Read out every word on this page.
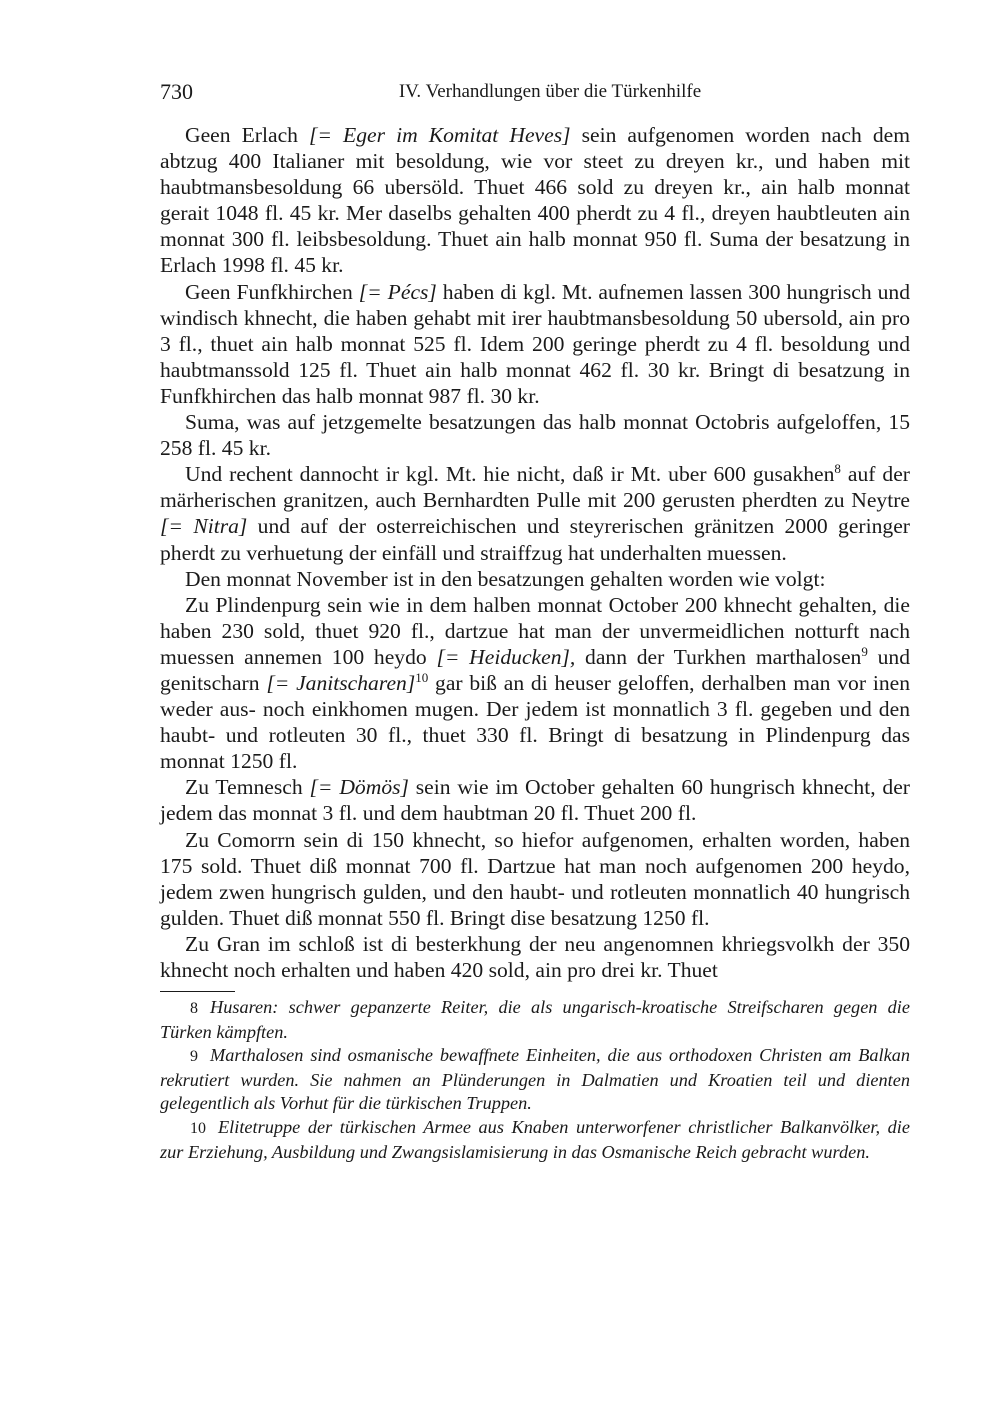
730	IV. Verhandlungen über die Türkenhilfe

Geen Erlach [= Eger im Komitat Heves] sein aufgenomen worden nach dem abtzug 400 Italianer mit besoldung, wie vor steet zu dreyen kr., und haben mit haubtmansbesoldung 66 ubersöld. Thuet 466 sold zu dreyen kr., ain halb monnat gerait 1048 fl. 45 kr. Mer daselbs gehalten 400 pherdt zu 4 fl., dreyen haubtleuten ain monnat 300 fl. leibsbesoldung. Thuet ain halb monnat 950 fl. Suma der besatzung in Erlach 1998 fl. 45 kr.

Geen Funfkhirchen [= Pécs] haben di kgl. Mt. aufnemen lassen 300 hungrisch und windisch khnecht, die haben gehabt mit irer haubtmansbesoldung 50 ubersold, ain pro 3 fl., thuet ain halb monnat 525 fl. Idem 200 geringe pherdt zu 4 fl. besoldung und haubtmanssold 125 fl. Thuet ain halb monnat 462 fl. 30 kr. Bringt di besatzung in Funfkhirchen das halb monnat 987 fl. 30 kr.

Suma, was auf jetzgemelte besatzungen das halb monnat Octobris aufgeloffen, 15 258 fl. 45 kr.

Und rechent dannocht ir kgl. Mt. hie nicht, daß ir Mt. uber 600 gusakhen$^8$ auf der märherischen granitzen, auch Bernhardten Pulle mit 200 gerusten pherdten zu Neytre [= Nitra] und auf der osterreichischen und steyrerischen gränitzen 2000 geringer pherdt zu verhuetung der einfäll und straiffzug hat underhalten muessen.

Den monnat November ist in den besatzungen gehalten worden wie volgt:

Zu Plindenpurg sein wie in dem halben monnat October 200 khnecht gehalten, die haben 230 sold, thuet 920 fl., dartzue hat man der unvermeidlichen notturft nach muessen annemen 100 heydo [= Heiducken], dann der Turkhen marthalosen$^9$ und genitscharn [= Janitscharen]$^{10}$ gar biß an di heuser geloffen, derhalben man vor inen weder aus- noch einkhomen mugen. Der jedem ist monnatlich 3 fl. gegeben und den haubt- und rotleuten 30 fl., thuet 330 fl. Bringt di besatzung in Plindenpurg das monnat 1250 fl.

Zu Temnesch [= Dömös] sein wie im October gehalten 60 hungrisch khnecht, der jedem das monnat 3 fl. und dem haubtman 20 fl. Thuet 200 fl.

Zu Comorrn sein di 150 khnecht, so hiefor aufgenomen, erhalten worden, haben 175 sold. Thuet diß monnat 700 fl. Dartzue hat man noch aufgenomen 200 heydo, jedem zwen hungrisch gulden, und den haubt- und rotleuten monnatlich 40 hungrisch gulden. Thuet diß monnat 550 fl. Bringt dise besatzung 1250 fl.

Zu Gran im schloß ist di besterkhung der neu angenomnen khriegsvolkh der 350 khnecht noch erhalten und haben 420 sold, ain pro drei kr. Thuet

8 Husaren: schwer gepanzerte Reiter, die als ungarisch-kroatische Streifscharen gegen die Türken kämpften.

9 Marthalosen sind osmanische bewaffnete Einheiten, die aus orthodoxen Christen am Balkan rekrutiert wurden. Sie nahmen an Plünderungen in Dalmatien und Kroatien teil und dienten gelegentlich als Vorhut für die türkischen Truppen.

10 Elitetruppe der türkischen Armee aus Knaben unterworfener christlicher Balkanvölker, die zur Erziehung, Ausbildung und Zwangsislamisierung in das Osmanische Reich gebracht wurden.
